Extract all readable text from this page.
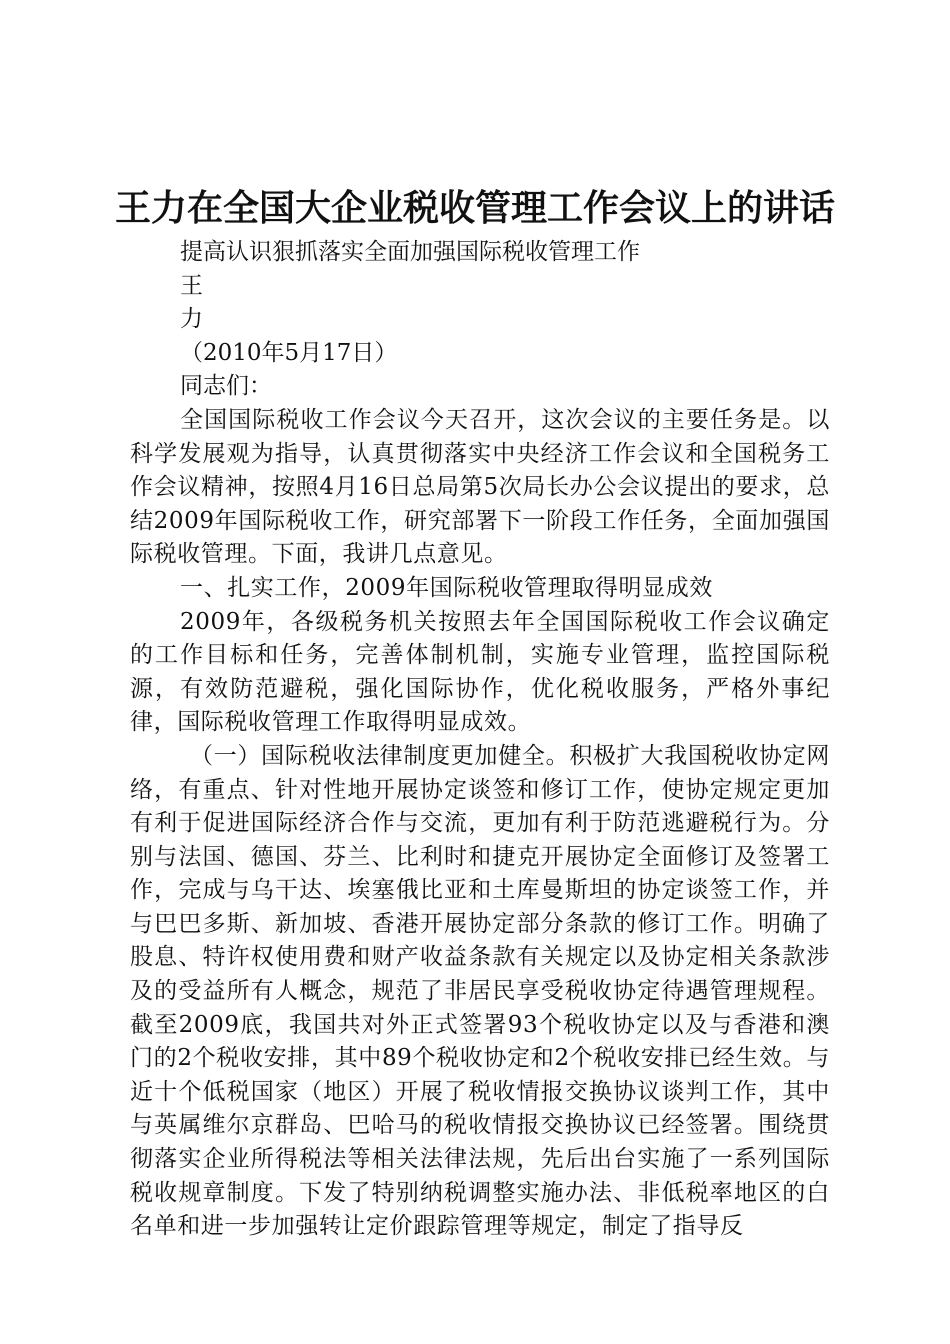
王力在全国大企业税收管理工作会议上的讲话

提高认识狠抓落实全面加强国际税收管理工作

王

力

（2010年5月17日）

同志们：

全国国际税收工作会议今天召开，这次会议的主要任务是。以科学发展观为指导，认真贯彻落实中央经济工作会议和全国税务工作会议精神，按照4月16日总局第5次局长办公会议提出的要求，总结2009年国际税收工作，研究部署下一阶段工作任务，全面加强国际税收管理。下面，我讲几点意见。

一、扎实工作，2009年国际税收管理取得明显成效

2009年，各级税务机关按照去年全国国际税收工作会议确定的工作目标和任务，完善体制机制，实施专业管理，监控国际税源，有效防范避税，强化国际协作，优化税收服务，严格外事纪律，国际税收管理工作取得明显成效。

（一）国际税收法律制度更加健全。积极扩大我国税收协定网络，有重点、针对性地开展协定谈签和修订工作，使协定规定更加有利于促进国际经济合作与交流，更加有利于防范逃避税行为。分别与法国、德国、芬兰、比利时和捷克开展协定全面修订及签署工作，完成与乌干达、埃塞俄比亚和土库曼斯坦的协定谈签工作，并与巴巴多斯、新加坡、香港开展协定部分条款的修订工作。明确了股息、特许权使用费和财产收益条款有关规定以及协定相关条款涉及的受益所有人概念，规范了非居民享受税收协定待遇管理规程。截至2009底，我国共对外正式签署93个税收协定以及与香港和澳门的2个税收安排，其中89个税收协定和2个税收安排已经生效。与近十个低税国家（地区）开展了税收情报交换协议谈判工作，其中与英属维尔京群岛、巴哈马的税收情报交换协议已经签署。围绕贯彻落实企业所得税法等相关法律法规，先后出台实施了一系列国际税收规章制度。下发了特别纳税调整实施办法、非低税率地区的白名单和进一步加强转让定价跟踪管理等规定，制定了指导反
